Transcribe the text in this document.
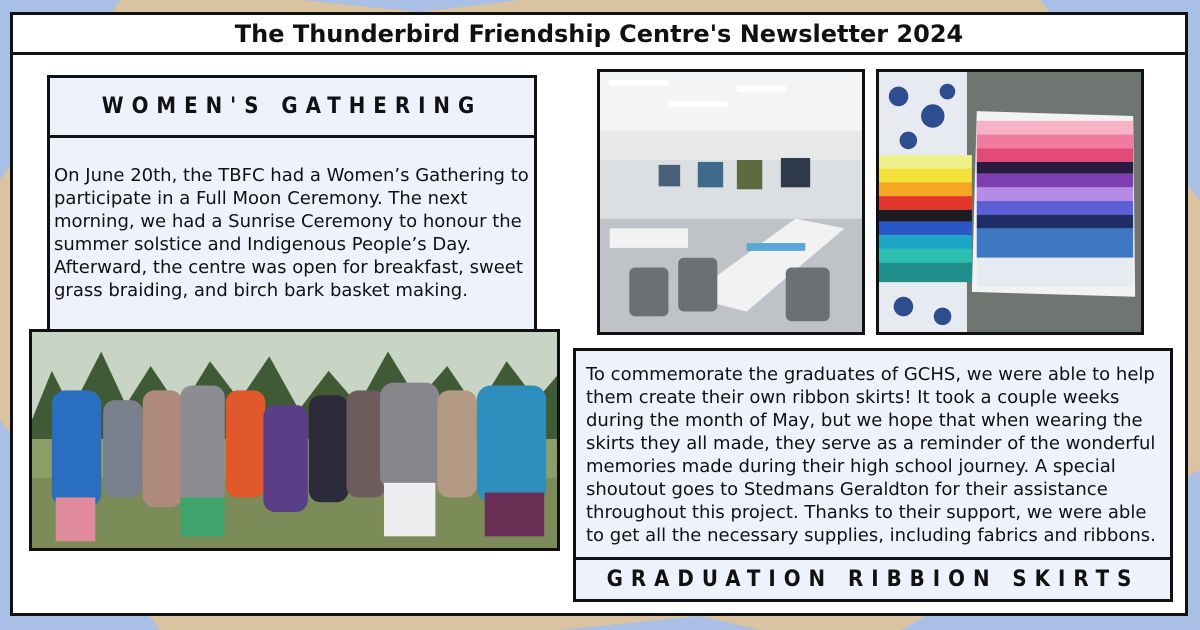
The Thunderbird Friendship Centre's Newsletter 2024
WOMEN'S GATHERING
On June 20th, the TBFC had a Women’s Gathering to participate in a Full Moon Ceremony. The next morning, we had a Sunrise Ceremony to honour the summer solstice and Indigenous People’s Day. Afterward, the centre was open for breakfast, sweet grass braiding, and birch bark basket making.
To commemorate the graduates of GCHS, we were able to help them create their own ribbon skirts! It took a couple weeks during the month of May, but we hope that when wearing the skirts they all made, they serve as a reminder of the wonderful memories made during their high school journey. A special shoutout goes to Stedmans Geraldton for their assistance throughout this project. Thanks to their support, we were able to get all the necessary supplies, including fabrics and ribbons.
GRADUATION RIBBION SKIRTS
